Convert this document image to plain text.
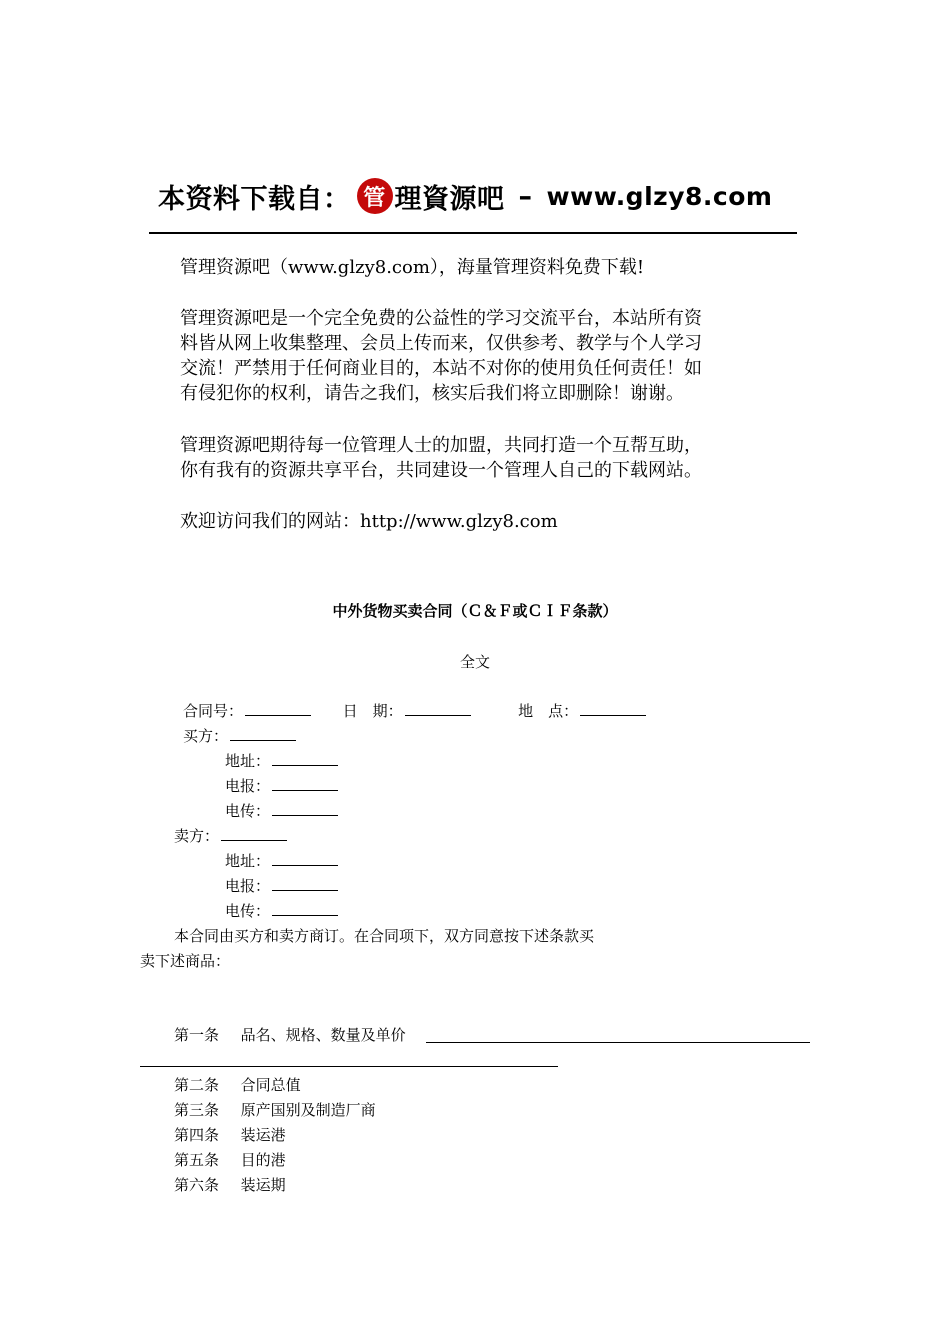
本资料下载自： 管 理資源吧 – www.glzy8.com
管理资源吧（www.glzy8.com），海量管理资料免费下载!
管理资源吧是一个完全免费的公益性的学习交流平台，本站所有资
料皆从网上收集整理、会员上传而来，仅供参考、教学与个人学习
交流！严禁用于任何商业目的，本站不对你的使用负任何责任！如
有侵犯你的权利，请告之我们，核实后我们将立即删除！谢谢。
管理资源吧期待每一位管理人士的加盟，共同打造一个互帮互助，
你有我有的资源共享平台，共同建设一个管理人自己的下载网站。
欢迎访问我们的网站：http://www.glzy8.com
中外货物买卖合同（Ｃ＆Ｆ或ＣＩＦ条款）
全文
合同号：	日　期：	地　点：
买方：
地址：
电报：
电传：
卖方：
地址：
电报：
电传：
本合同由买方和卖方商订。在合同项下，双方同意按下述条款买
卖下述商品：
第一条 品名、规格、数量及单价
第二条 合同总值
第三条 原产国别及制造厂商
第四条 装运港
第五条 目的港
第六条 装运期
